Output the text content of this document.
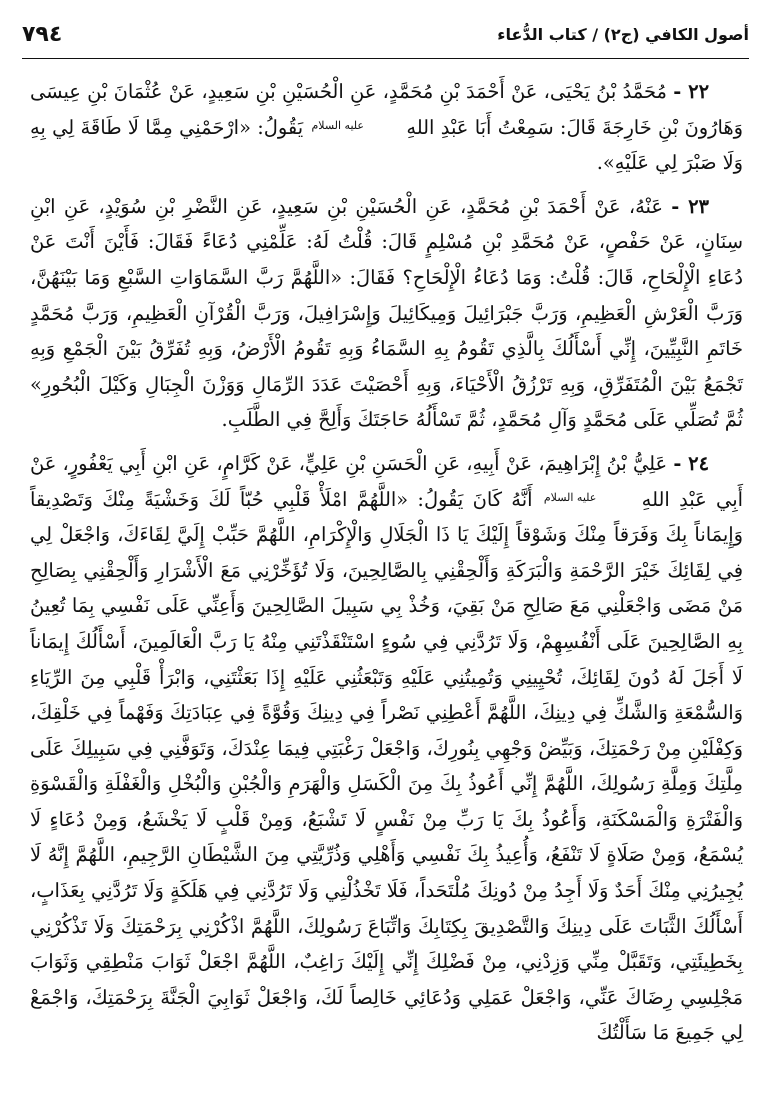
٧٩٤	أصول الكافي (ج٢) / كتاب الدُّعاء

٢٢ - مُحَمَّدُ بْنُ يَحْيَى، عَنْ أَحْمَدَ بْنِ مُحَمَّدٍ، عَنِ الْحُسَيْنِ بْنِ سَعِيدٍ، عَنْ عُثْمَانَ بْنِ عِيسَى وَهَارُونَ بْنِ خَارِجَةَ قَالَ: سَمِعْتُ أَبَا عَبْدِ اللهِ عليه السلام يَقُولُ: «ارْحَمْنِي مِمَّا لَا طَاقَةَ لِي بِهِ وَلَا صَبْرَ لِي عَلَيْهِ».

٢٣ - عَنْهُ، عَنْ أَحْمَدَ بْنِ مُحَمَّدٍ، عَنِ الْحُسَيْنِ بْنِ سَعِيدٍ، عَنِ النَّضْرِ بْنِ سُوَيْدٍ، عَنِ ابْنِ سِنَانٍ، عَنْ حَفْصٍ، عَنْ مُحَمَّدِ بْنِ مُسْلِمٍ قَالَ: قُلْتُ لَهُ: عَلِّمْنِي دُعَاءً فَقَالَ: فَأَيْنَ أَنْتَ عَنْ دُعَاءِ الْإِلْحَاحِ، قَالَ: قُلْتُ: وَمَا دُعَاءُ الْإِلْحَاحِ؟ فَقَالَ: «اللَّهُمَّ رَبَّ السَّمَاوَاتِ السَّبْعِ وَمَا بَيْنَهُنَّ، وَرَبَّ الْعَرْشِ الْعَظِيمِ، وَرَبَّ جَبْرَائِيلَ وَمِيكَائِيلَ وَإِسْرَافِيلَ، وَرَبَّ الْقُرْآنِ الْعَظِيمِ، وَرَبَّ مُحَمَّدٍ خَاتَمِ النَّبِيِّينَ، إِنِّي أَسْأَلُكَ بِالَّذِي تَقُومُ بِهِ السَّمَاءُ وَبِهِ تَقُومُ الْأَرْضُ، وَبِهِ تُفَرِّقُ بَيْنَ الْجَمْعِ وَبِهِ تَجْمَعُ بَيْنَ الْمُتَفَرِّقِ، وَبِهِ تَرْزُقُ الْأَحْيَاءَ، وَبِهِ أَحْصَيْتَ عَدَدَ الرِّمَالِ وَوَزْنَ الْجِبَالِ وَكَيْلَ الْبُحُورِ» ثُمَّ تُصَلِّي عَلَى مُحَمَّدٍ وَآلِ مُحَمَّدٍ، ثُمَّ تَسْأَلُهُ حَاجَتَكَ وَأَلِحَّ فِي الطَّلَبِ.

٢٤ - عَلِيُّ بْنُ إِبْرَاهِيمَ، عَنْ أَبِيهِ، عَنِ الْحَسَنِ بْنِ عَلِيٍّ، عَنْ كَرَّامٍ، عَنِ ابْنِ أَبِي يَعْفُورٍ، عَنْ أَبِي عَبْدِ اللهِ عليه السلام أَنَّهُ كَانَ يَقُولُ: «اللَّهُمَّ امْلَأْ قَلْبِي حُبّاً لَكَ وَخَشْيَةً مِنْكَ وَتَصْدِيقاً وَإِيمَاناً بِكَ وَفَرَقاً مِنْكَ وَشَوْقاً إِلَيْكَ يَا ذَا الْجَلَالِ وَالْإِكْرَامِ، اللَّهُمَّ حَبِّبْ إِلَيَّ لِقَاءَكَ، وَاجْعَلْ لِي فِي لِقَائِكَ خَيْرَ الرَّحْمَةِ وَالْبَرَكَةِ وَأَلْحِقْنِي بِالصَّالِحِينَ، وَلَا تُؤَخِّرْنِي مَعَ الْأَشْرَارِ وَأَلْحِقْنِي بِصَالِحِ مَنْ مَضَى وَاجْعَلْنِي مَعَ صَالِحِ مَنْ بَقِيَ، وَخُذْ بِي سَبِيلَ الصَّالِحِينَ وَأَعِنِّي عَلَى نَفْسِي بِمَا تُعِينُ بِهِ الصَّالِحِينَ عَلَى أَنْفُسِهِمْ، وَلَا تَرُدَّنِي فِي سُوءٍ اسْتَنْقَذْتَنِي مِنْهُ يَا رَبَّ الْعَالَمِينَ، أَسْأَلُكَ إِيمَاناً لَا أَجَلَ لَهُ دُونَ لِقَائِكَ، تُحْيِينِي وَتُمِيتُنِي عَلَيْهِ وَتَبْعَثُنِي عَلَيْهِ إِذَا بَعَثْتَنِي، وَابْرَأْ قَلْبِي مِنَ الرِّيَاءِ وَالسُّمْعَةِ وَالشَّكِّ فِي دِينِكَ، اللَّهُمَّ أَعْطِنِي نَصْراً فِي دِينِكَ وَقُوَّةً فِي عِبَادَتِكَ وَفَهْماً فِي خَلْقِكَ، وَكِفْلَيْنِ مِنْ رَحْمَتِكَ، وَبَيِّضْ وَجْهِي بِنُورِكَ، وَاجْعَلْ رَغْبَتِي فِيمَا عِنْدَكَ، وَتَوَفَّنِي فِي سَبِيلِكَ عَلَى مِلَّتِكَ وَمِلَّةِ رَسُولِكَ، اللَّهُمَّ إِنِّي أَعُوذُ بِكَ مِنَ الْكَسَلِ وَالْهَرَمِ وَالْجُبْنِ وَالْبُخْلِ وَالْغَفْلَةِ وَالْقَسْوَةِ وَالْفَتْرَةِ وَالْمَسْكَنَةِ، وَأَعُوذُ بِكَ يَا رَبِّ مِنْ نَفْسٍ لَا تَشْبَعُ، وَمِنْ قَلْبٍ لَا يَخْشَعُ، وَمِنْ دُعَاءٍ لَا يُسْمَعُ، وَمِنْ صَلَاةٍ لَا تَنْفَعُ، وَأُعِيذُ بِكَ نَفْسِي وَأَهْلِي وَذُرِّيَّتِي مِنَ الشَّيْطَانِ الرَّجِيمِ، اللَّهُمَّ إِنَّهُ لَا يُجِيرُنِي مِنْكَ أَحَدٌ وَلَا أَجِدُ مِنْ دُونِكَ مُلْتَحَداً، فَلَا تَخْذُلْنِي وَلَا تَرُدَّنِي فِي هَلَكَةٍ وَلَا تَرُدَّنِي بِعَذَابٍ، أَسْأَلُكَ الثَّبَاتَ عَلَى دِينِكَ وَالتَّصْدِيقَ بِكِتَابِكَ وَاتِّبَاعَ رَسُولِكَ، اللَّهُمَّ اذْكُرْنِي بِرَحْمَتِكَ وَلَا تَذْكُرْنِي بِخَطِيئَتِي، وَتَقَبَّلْ مِنِّي وَزِدْنِي، مِنْ فَضْلِكَ إِنِّي إِلَيْكَ رَاغِبٌ، اللَّهُمَّ اجْعَلْ ثَوَابَ مَنْطِقِي وَثَوَابَ مَجْلِسِي رِضَاكَ عَنِّي، وَاجْعَلْ عَمَلِي وَدُعَائِي خَالِصاً لَكَ، وَاجْعَلْ ثَوَابِيَ الْجَنَّةَ بِرَحْمَتِكَ، وَاجْمَعْ لِي جَمِيعَ مَا سَأَلْتُكَ
